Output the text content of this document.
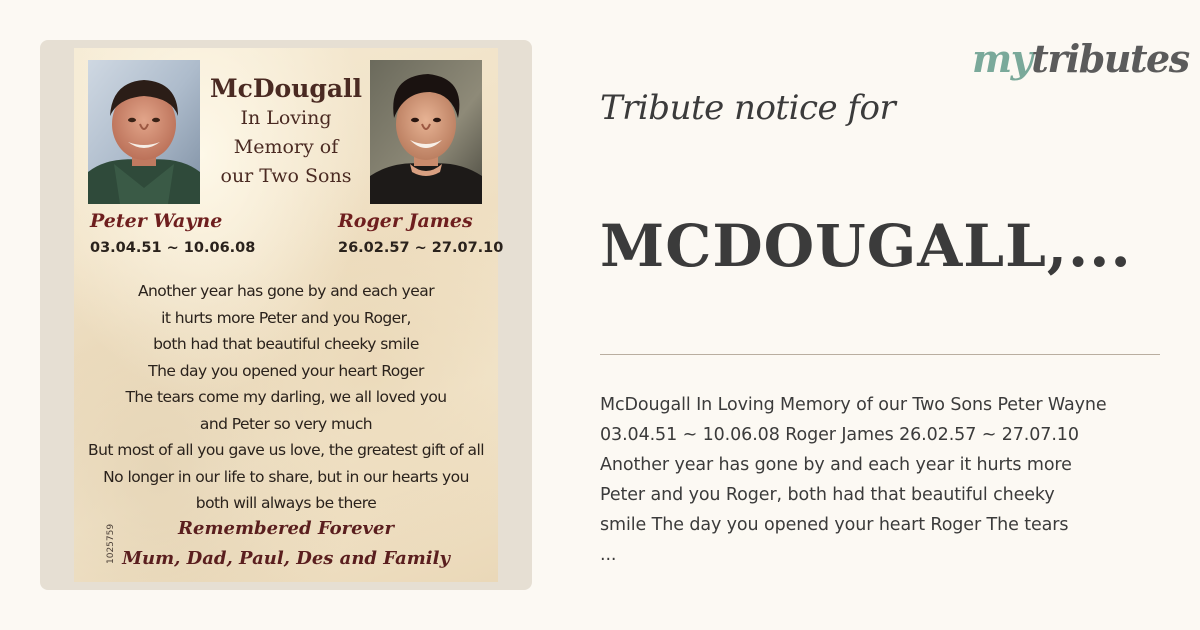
McDougall
In Loving
Memory of
our Two Sons
Peter Wayne	Roger James
03.04.51 ~ 10.06.08	26.02.57 ~ 27.07.10
Another year has gone by and each year
it hurts more Peter and you Roger,
both had that beautiful cheeky smile
The day you opened your heart Roger
The tears come my darling, we all loved you
and Peter so very much
But most of all you gave us love, the greatest gift of all
No longer in our life to share, but in our hearts you
both will always be there
Remembered Forever
Mum, Dad, Paul, Des and Family
1025759
mytributes
Tribute notice for
MCDOUGALL,...
McDougall In Loving Memory of our Two Sons Peter Wayne
03.04.51 ~ 10.06.08 Roger James 26.02.57 ~ 27.07.10
Another year has gone by and each year it hurts more
Peter and you Roger, both had that beautiful cheeky
smile The day you opened your heart Roger The tears
...
